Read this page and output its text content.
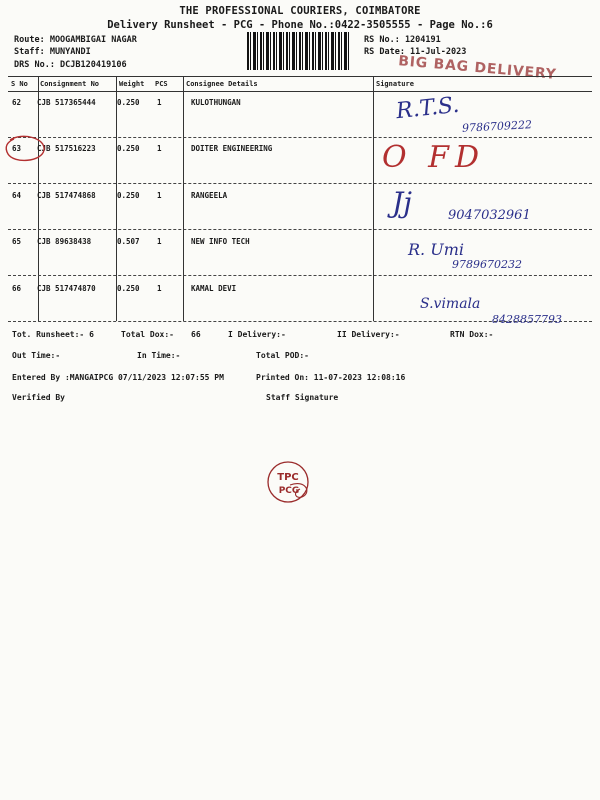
THE PROFESSIONAL COURIERS, COIMBATORE
Delivery Runsheet - PCG - Phone No.:0422-3505555 - Page No.:6
Route: MOOGAMBIGAI NAGAR
Staff: MUNYANDI
DRS No.: DCJB120419106
RS No.: 1204191
RS Date: 11-Jul-2023
BIG BAG DELIVERY
S No Consignment No	Weight PCS	Consignee Details	Signature
62 CJB 517365444	0.250 1	KULOTHUNGAN	R.T.S.
9786709222
63 CJB 517516223	0.250 1	DOITER ENGINEERING	O FD
64 CJB 517474868	0.250 1	RANGEELA	Jj	9047032961
65 CJB 89638438	0.507 1	NEW INFO TECH	R. Umi
9789670232
66 CJB 517474870	0.250 1	KAMAL DEVI
S.vimala
8428857793
Tot. Runsheet:- 6	Total Dox:- 66	I Delivery:-	II Delivery:-	RTN Dox:-
Out Time:-	In Time:-	Total POD:-
Entered By :MANGAIPCG 07/11/2023 12:07:55 PM	Printed On: 11-07-2023 12:08:16
Verified By	Staff Signature
TPC
PCG
